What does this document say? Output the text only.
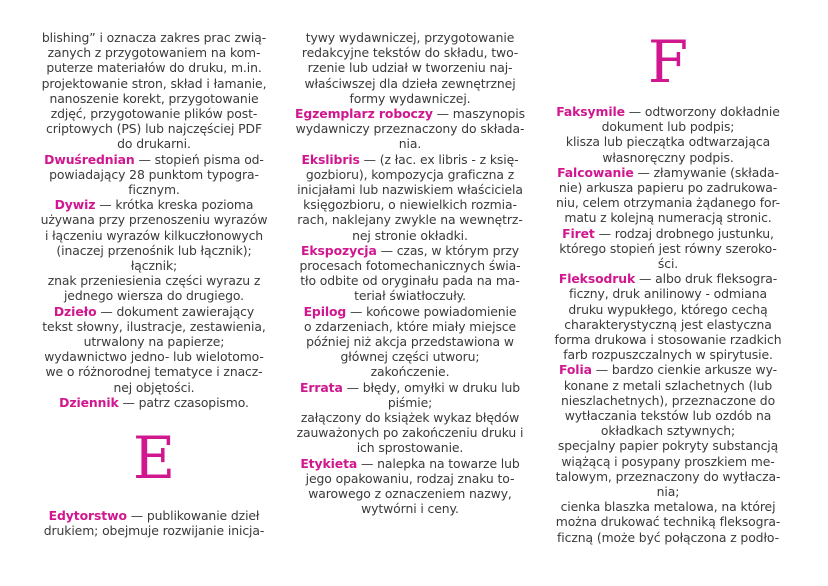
blishing” i oznacza zakres prac zwią-
zanych z przygotowaniem na kom-
puterze materiałów do druku, m.in.
projektowanie stron, skład i łamanie,
nanoszenie korekt, przygotowanie
zdjęć, przygotowanie plików post-
criptowych (PS) lub najczęściej PDF
do drukarni.
Dwuśrednian — stopień pisma od-
powiadający 28 punktom typogra-
ficznym.
Dywiz — krótka kreska pozioma
używana przy przenoszeniu wyrazów
i łączeniu wyrazów kilkuczłonowych
(inaczej przenośnik lub łącznik);
łącznik;
znak przeniesienia części wyrazu z
jednego wiersza do drugiego.
Dzieło — dokument zawierający
tekst słowny, ilustracje, zestawienia,
utrwalony na papierze;
wydawnictwo jedno- lub wielotomo-
we o różnorodnej tematyce i znacz-
nej objętości.
Dziennik — patrz czasopismo.
E
Edytorstwo — publikowanie dzieł
drukiem; obejmuje rozwijanie inicja-
tywy wydawniczej, przygotowanie
redakcyjne tekstów do składu, two-
rzenie lub udział w tworzeniu naj-
właściwszej dla dzieła zewnętrznej
formy wydawniczej.
Egzemplarz roboczy — maszynopis
wydawniczy przeznaczony do składa-
nia.
Ekslibris — (z łac. ex libris - z księ-
gozbioru), kompozycja graficzna z
inicjałami lub nazwiskiem właściciela
księgozbioru, o niewielkich rozmia-
rach, naklejany zwykle na wewnętrz-
nej stronie okładki.
Ekspozycja — czas, w którym przy
procesach fotomechanicznych świa-
tło odbite od oryginału pada na ma-
teriał światłoczuły.
Epilog — końcowe powiadomienie
o zdarzeniach, które miały miejsce
później niż akcja przedstawiona w
głównej części utworu;
zakończenie.
Errata — błędy, omyłki w druku lub
piśmie;
załączony do książek wykaz błędów
zauważonych po zakończeniu druku i
ich sprostowanie.
Etykieta — nalepka na towarze lub
jego opakowaniu, rodzaj znaku to-
warowego z oznaczeniem nazwy,
wytwórni i ceny.
F
Faksymile — odtworzony dokładnie
dokument lub podpis;
klisza lub pieczątka odtwarzająca
własnoręczny podpis.
Falcowanie — złamywanie (składa-
nie) arkusza papieru po zadrukowa-
niu, celem otrzymania żądanego for-
matu z kolejną numeracją stronic.
Firet — rodzaj drobnego justunku,
którego stopień jest równy szeroko-
ści.
Fleksodruk — albo druk fleksogra-
ficzny, druk anilinowy - odmiana
druku wypukłego, którego cechą
charakterystyczną jest elastyczna
forma drukowa i stosowanie rzadkich
farb rozpuszczalnych w spirytusie.
Folia — bardzo cienkie arkusze wy-
konane z metali szlachetnych (lub
nieszlachetnych), przeznaczone do
wytłaczania tekstów lub ozdób na
okładkach sztywnych;
specjalny papier pokryty substancją
wiążącą i posypany proszkiem me-
talowym, przeznaczony do wytłacza-
nia;
cienka blaszka metalowa, na której
można drukować techniką fleksogra-
ficzną (może być połączona z podło-
